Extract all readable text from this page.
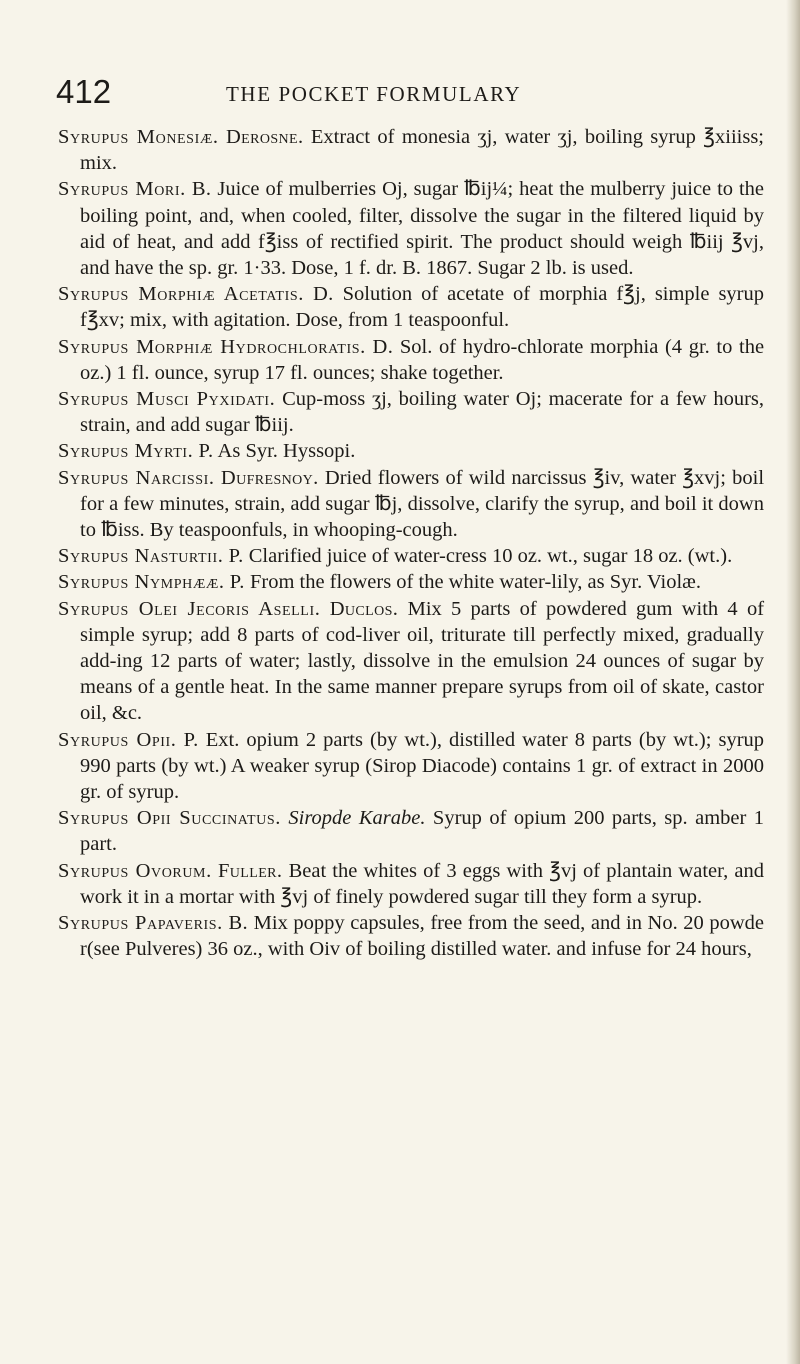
412	THE POCKET FORMULARY

Syrupus Monesiæ. Derosne. Extract of monesia ʒj, water ʒj, boiling syrup ℥xiiiss; mix.

Syrupus Mori. B. Juice of mulberries Oj, sugar ℔ij¼; heat the mulberry juice to the boiling point, and, when cooled, filter, dissolve the sugar in the filtered liquid by aid of heat, and add f℥iss of rectified spirit. The product should weigh ℔iij ℥vj, and have the sp. gr. 1·33. Dose, 1 f. dr. B. 1867. Sugar 2 lb. is used.

Syrupus Morphiæ Acetatis. D. Solution of acetate of morphia f℥j, simple syrup f℥xv; mix, with agitation. Dose, from 1 teaspoonful.

Syrupus Morphiæ Hydrochloratis. D. Sol. of hydro-chlorate morphia (4 gr. to the oz.) 1 fl. ounce, syrup 17 fl. ounces; shake together.

Syrupus Musci Pyxidati. Cup-moss ʒj, boiling water Oj; macerate for a few hours, strain, and add sugar ℔iij.

Syrupus Myrti. P. As Syr. Hyssopi.

Syrupus Narcissi. Dufresnoy. Dried flowers of wild narcissus ℥iv, water ℥xvj; boil for a few minutes, strain, add sugar ℔j, dissolve, clarify the syrup, and boil it down to ℔iss. By teaspoonfuls, in whooping-cough.

Syrupus Nasturtii. P. Clarified juice of water-cress 10 oz. wt., sugar 18 oz. (wt.).

Syrupus Nymphææ. P. From the flowers of the white water-lily, as Syr. Violæ.

Syrupus Olei Jecoris Aselli. Duclos. Mix 5 parts of powdered gum with 4 of simple syrup; add 8 parts of cod-liver oil, triturate till perfectly mixed, gradually add-ing 12 parts of water; lastly, dissolve in the emulsion 24 ounces of sugar by means of a gentle heat. In the same manner prepare syrups from oil of skate, castor oil, &c.

Syrupus Opii. P. Ext. opium 2 parts (by wt.), distilled water 8 parts (by wt.); syrup 990 parts (by wt.) A weaker syrup (Sirop Diacode) contains 1 gr. of extract in 2000 gr. of syrup.

Syrupus Opii Succinatus. Siropde Karabe. Syrup of opium 200 parts, sp. amber 1 part.

Syrupus Ovorum. Fuller. Beat the whites of 3 eggs with ℥vj of plantain water, and work it in a mortar with ℥vj of finely powdered sugar till they form a syrup.

Syrupus Papaveris. B. Mix poppy capsules, free from the seed, and in No. 20 powde r(see Pulveres) 36 oz., with Oiv of boiling distilled water. and infuse for 24 hours,
